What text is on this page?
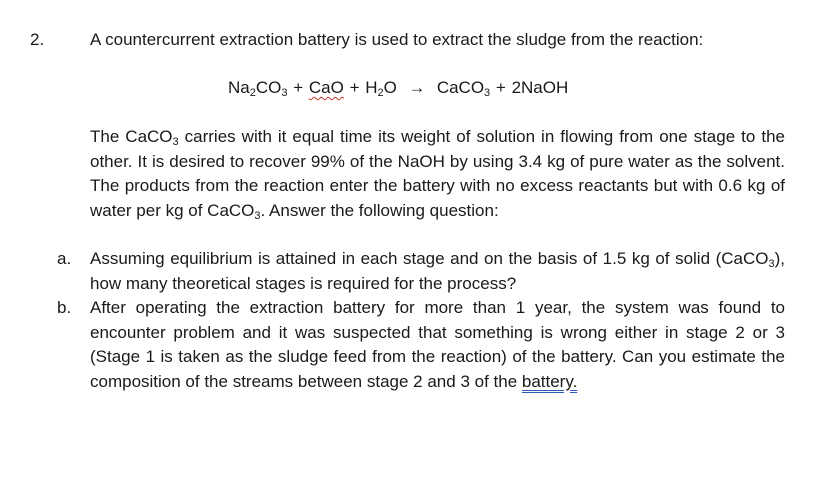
2.	A countercurrent extraction battery is used to extract the sludge from the reaction:
$Na_2CO_3$ + CaO + $H_2O$ → CaCO$_3$ + 2NaOH
The CaCO$_3$ carries with it equal time its weight of solution in flowing from one stage to the other. It is desired to recover 99% of the NaOH by using 3.4 kg of pure water as the solvent. The products from the reaction enter the battery with no excess reactants but with 0.6 kg of water per kg of CaCO$_3$. Answer the following question:
a.	Assuming equilibrium is attained in each stage and on the basis of 1.5 kg of solid (CaCO$_3$), how many theoretical stages is required for the process?
b.	After operating the extraction battery for more than 1 year, the system was found to encounter problem and it was suspected that something is wrong either in stage 2 or 3 (Stage 1 is taken as the sludge feed from the reaction) of the battery. Can you estimate the composition of the streams between stage 2 and 3 of the battery.
